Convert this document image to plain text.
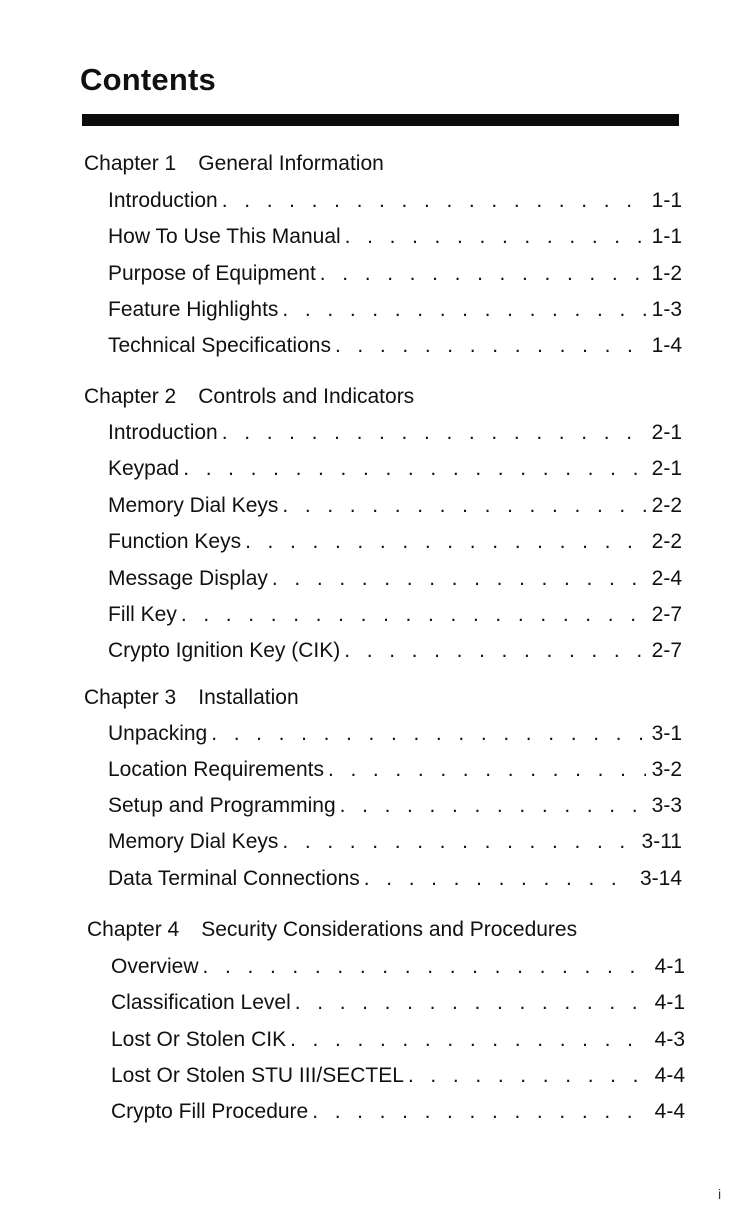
Contents
Chapter 1 General Information
Introduction . . .	1-1
How To Use This Manual . . .	1-1
Purpose of Equipment . . .	1-2
Feature Highlights . . .	1-3
Technical Specifications . . .	1-4
Chapter 2 Controls and Indicators
Introduction . . .	2-1
Keypad . . .	2-1
Memory Dial Keys . . .	2-2
Function Keys . . .	2-2
Message Display . . .	2-4
Fill Key . . .	2-7
Crypto Ignition Key (CIK) . . .	2-7
Chapter 3 Installation
Unpacking . . .	3-1
Location Requirements . . .	3-2
Setup and Programming . . .	3-3
Memory Dial Keys . . .	3-11
Data Terminal Connections . . .	3-14
Chapter 4 Security Considerations and Procedures
Overview . . .	4-1
Classification Level . . .	4-1
Lost Or Stolen CIK . . .	4-3
Lost Or Stolen STU III/SECTEL . . .	4-4
Crypto Fill Procedure . . .	4-4
i
